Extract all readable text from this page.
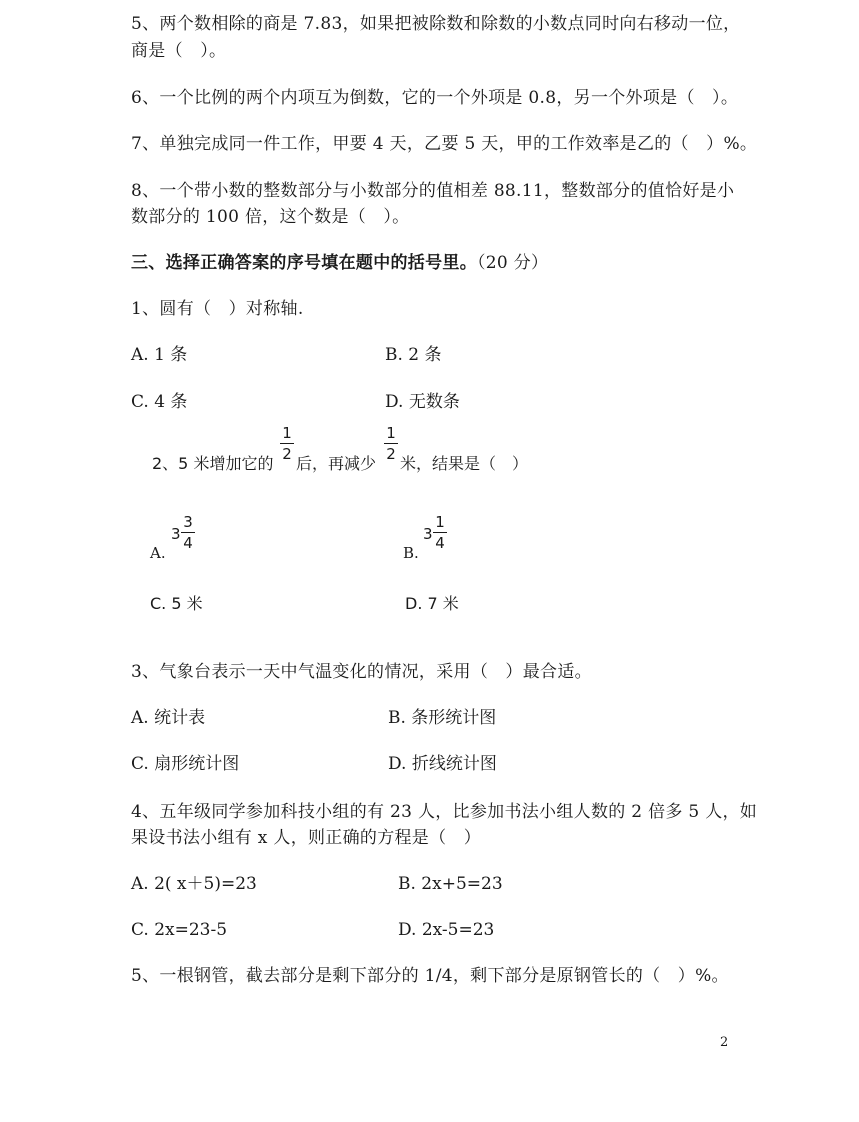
5、两个数相除的商是 7.83，如果把被除数和除数的小数点同时向右移动一位，
商是（　）。
6、一个比例的两个内项互为倒数，它的一个外项是 0.8，另一个外项是（　）。
7、单独完成同一件工作，甲要 4 天，乙要 5 天，甲的工作效率是乙的（　）%。
8、一个带小数的整数部分与小数部分的值相差 88.11，整数部分的值恰好是小
数部分的 100 倍，这个数是（　）。
三、选择正确答案的序号填在题中的括号里。（20 分）
1、圆有（　）对称轴.
A. 1 条	B. 2 条
C. 4 条	D. 无数条
2、5 米增加它的
1
2 后，再减少
1
2 米，结果是（　）
A.
3
3
4
B.
3
1
4
C. 5 米	D. 7 米
3、气象台表示一天中气温变化的情况，采用（　）最合适。
A. 统计表	B. 条形统计图
C. 扇形统计图	D. 折线统计图
4、五年级同学参加科技小组的有 23 人，比参加书法小组人数的 2 倍多 5 人，如
果设书法小组有 x 人，则正确的方程是（　）
A. 2( x＋5)=23	B. 2x+5=23
C. 2x=23-5	D. 2x-5=23
5、一根钢管，截去部分是剩下部分的 1/4，剩下部分是原钢管长的（　）%。
2
